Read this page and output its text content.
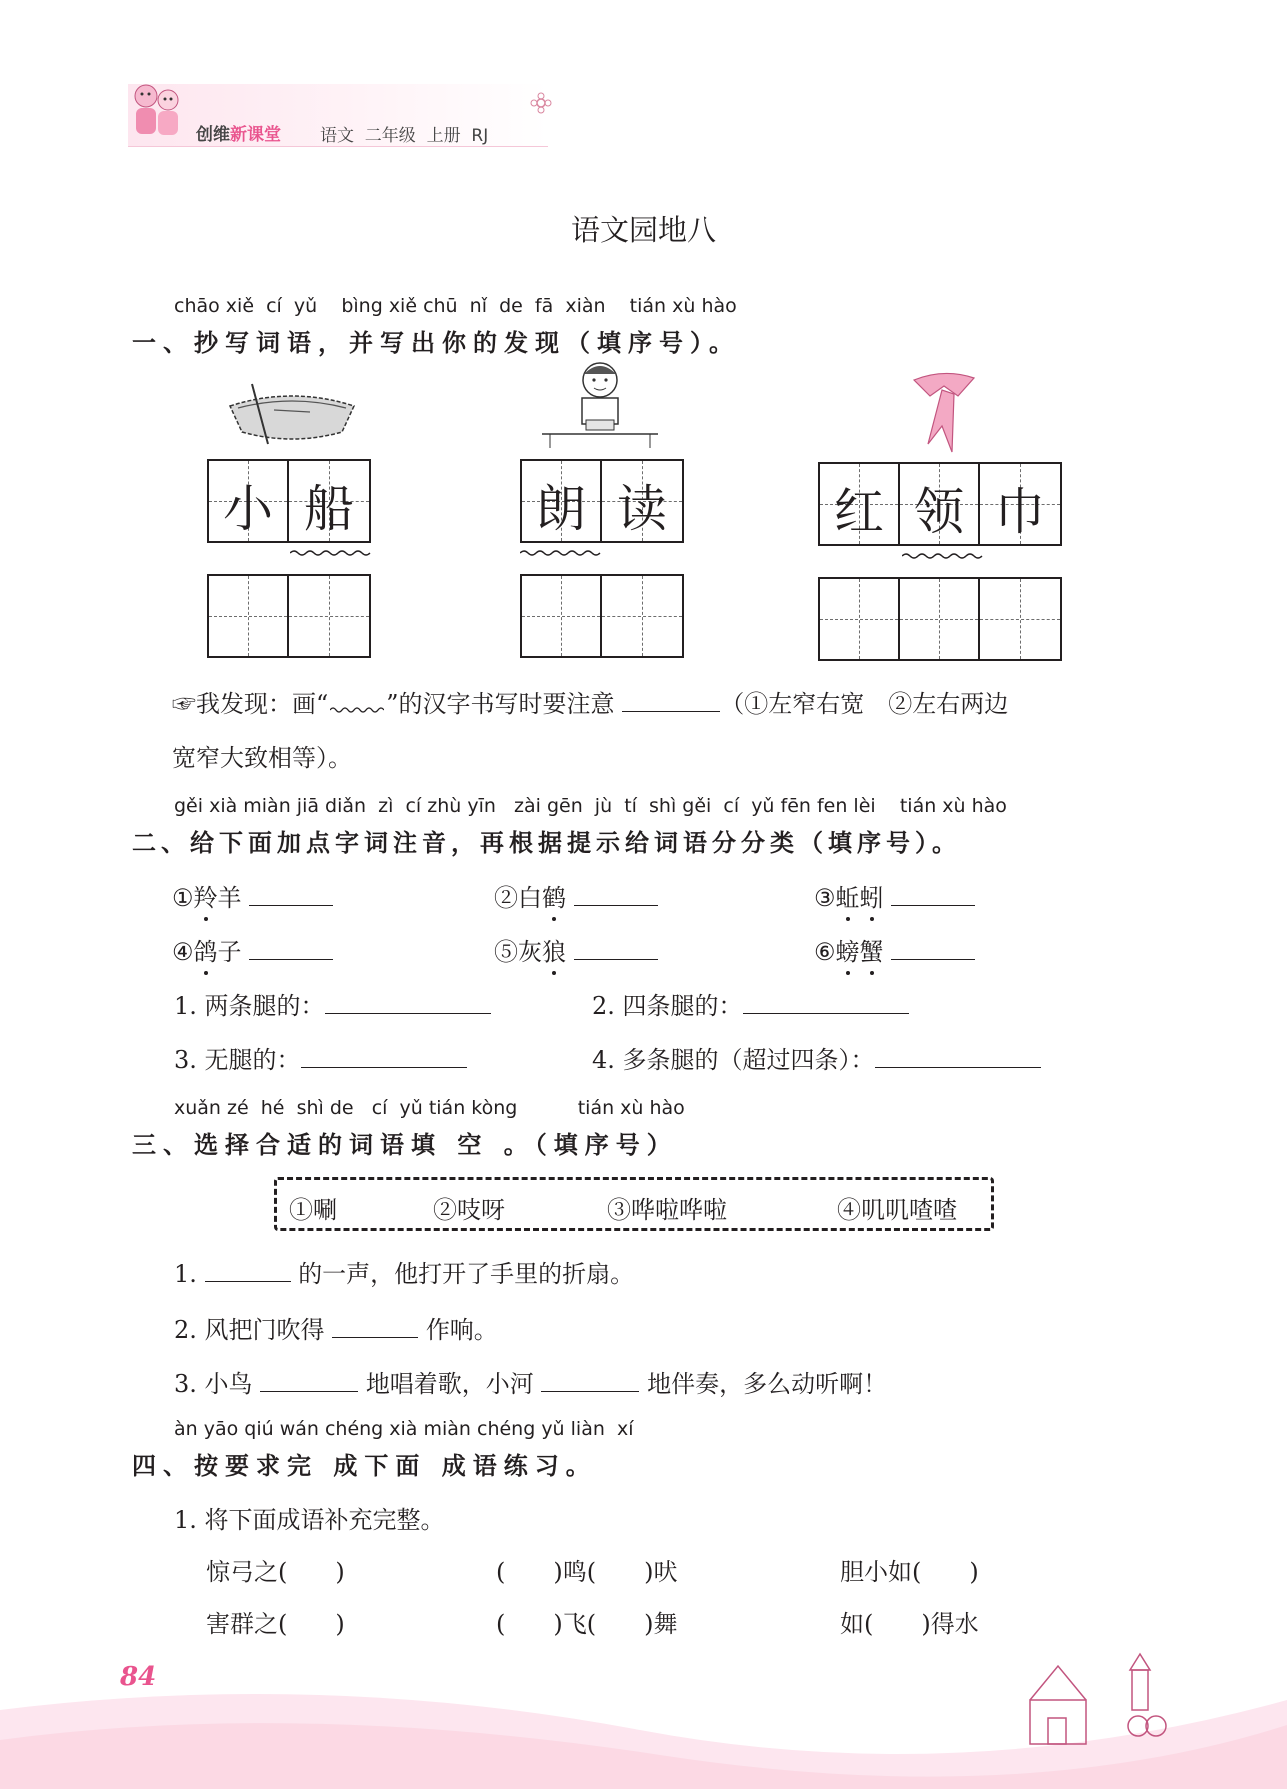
创维新课堂 语文  二年级  上册  RJ
语文园地八
chāo xiě  cí  yǔ    bìng xiě chū  nǐ  de  fā  xiàn    tián xù hào
一、抄写词语，并写出你的发现（填序号）。
小 船	朗 读	红 领 巾
☞我发现：画“ ”的汉字书写时要注意	（①左窄右宽　②左右两边
宽窄大致相等）。
gěi xià miàn jiā diǎn  zì  cí zhù yīn   zài gēn  jù  tí  shì gěi  cí  yǔ fēn fen lèi    tián xù hào
二、给下面加点字词注音，再根据提示给词语分分类（填序号）。
①羚羊	②白鹤	③蚯蚓
④鸽子	⑤灰狼	⑥螃蟹
1. 两条腿的：	2. 四条腿的：
3. 无腿的：	4. 多条腿的（超过四条）：
xuǎn zé  hé  shì de   cí  yǔ tián kòng          tián xù hào
三、选择合适的词语填 空 。（填序号）
①唰	②吱呀	③哗啦哗啦	④叽叽喳喳
1.	的一声，他打开了手里的折扇。
2. 风把门吹得	作响。
3. 小鸟	地唱着歌，小河	地伴奏，多么动听啊！
àn yāo qiú wán chéng xià miàn chéng yǔ liàn  xí
四、按要求完 成下面 成语练习。
1. 将下面成语补充完整。
惊弓之(　　)	(　　)鸣(　　)吠	胆小如(　　)
害群之(　　)	(　　)飞(　　)舞	如(　　)得水
84
